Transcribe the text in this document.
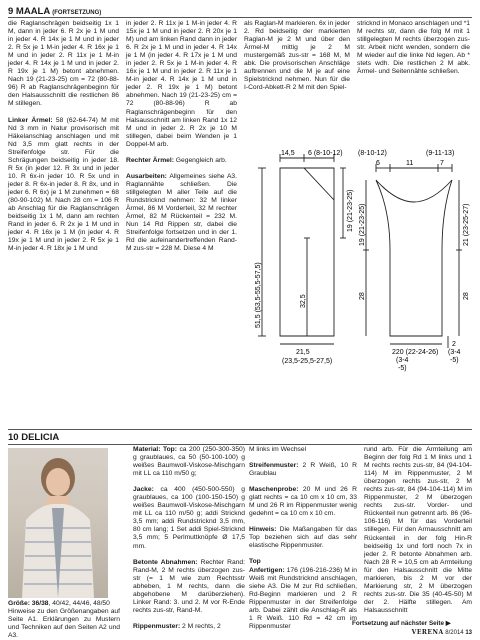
9 MAALA (FORTSETZUNG)

die Raglanschrägen beidseitig 1x 1 M, dann in jeder 6. R 2x je 1 M und in jeder 4. R 14x je 1 M und in jeder 2. R 5x je 1 M-in jeder 4. R 16x je 1 M und in jeder 2. R 11x je 1 M-in jeder 4. R 14x je 1 M und in jeder 2. R 19x je 1 M) betont abnehmen. Nach 19 (21-23-25) cm = 72 (80-88-96) R ab Raglanschrägenbeginn für den Halsausschnitt die restlichen 86 M stillegen.

Linker Ärmel: 58 (62-64-74) M mit Nd 3 mm in Natur provisorisch mit Häkelanschlag anschlagen und mit Nd 3,5 mm glatt rechts in der Streifenfolge str. Für die Schrägungen beidseitig in jeder 18. R 5x (in jeder 12. R 3x und in jeder 10. R 6x-in jeder 10. R 5x und in jeder 8. R 6x-in jeder 8. R 8x, und in jeder 6. R 6x) je 1 M zunehmen = 68 (80-90-102) M. Nach 28 cm = 106 R ab Anschlag für die Raglanschrägen beidseitig 1x 1 M, dann am rechten Rand in jeder 6. R 2x je 1 M und in jeder 4. R 16x je 1 M (in jeder 4. R 19x je 1 M und in jeder 2. R 5x je 1 M-in jeder 4. R 18x je 1 M und

in jeder 2. R 11x je 1 M-in jeder 4. R 15x je 1 M und in jeder 2. R 20x je 1 M) und am linken Rand dann in jeder 6. R 2x je 1 M und in jeder 4. R 14x je 1 M (in jeder 4. R 17x je 1 M und in jeder 2. R 5x je 1 M-in jeder 4. R 16x je 1 M und in jeder 2. R 11x je 1 M-in jeder 4. R 14x je 1 M und in jeder 2. R 19x je 1 M) betont abnehmen. Nach 19 (21-23-25) cm = 72 (80-88-96) R ab Raglanschrägenbeginn für den Halsausschnitt am linken Rand 1x 12 M und in jeder 2. R 2x je 10 M stillegen, dabei beim Wenden je 1 Doppel-M arb.

Rechter Ärmel: Gegengleich arb.

Ausarbeiten: Allgemeines siehe A3. Raglannähte schließen. Die stillgelegten M aller Teile auf die Rundstricknd nehmen: 32 M linker Ärmel, 86 M Vorderteil, 32 M rechter Ärmel, 82 M Rückenteil = 232 M. Nun 14 Rd Rippen str, dabei die Streifenfolge fortsetzen und in der 1. Rd die aufeinandertreffenden Rand-M zus-str = 228 M. Diese 4 M

als Raglan-M markieren. 6x in jeder 2. Rd beidseitig der markierten Raglan-M je 2 M und über den Ärmel-M mittig je 2 M mustergemäß zus-str = 168 M, M abk. Die provisorischen Anschläge auftrennen und die M je auf eine Spielstricknd nehmen. Nun für die I-Cord-Abkett-R 2 M mit den Spiel-

stricknd in Monaco anschlagen und *1 M rechts str, dann die folg M mit 1 stillgelegten M rechts überzogen zus-str. Arbeit nicht wenden, sondern die M wieder auf die linke Nd legen. Ab * stets wdh. Die restlichen 2 M abk. Ärmel- und Seitennähte schließen.

14,5 6 (8-10-12)
51,5 (53,5-55,5-57,5)
19 (21-23-25)
32,5
21,5
(23,5-25,5-27,5)
(8-10-12)
6	11
(9-11-13)
7
19 (21-23-25)	21 (23-25-27)
28	28
220 (22-24-26)
(3-4
-5)
2
(3-4
-5)
10 DELICIA

Größe: 36/38, 40/42, 44/46, 48/50

Hinweise zu den Größenangaben auf Seite A1. Erklärungen zu Mustern und Techniken auf den Seiten A2 und A3.

Material: Top: ca 200 (250-300-350) g graublaues, ca 50 (50-100-100) g weißes Baumwoll-Viskose-Mischgarn mit LL ca 110 m/50 g;

Jacke: ca 400 (450-500-550) g graublaues, ca 100 (100-150-150) g weißes Baumwoll-Viskose-Mischgarn mit LL ca 110 m/50 g; addi Stricknd 3,5 mm; addi Rundstricknd 3,5 mm, 80 cm lang; 1 Set addi Spiel-Stricknd 3,5 mm; 5 Perlmuttknöpfe Ø 17,5 mm.

Betonte Abnahmen: Rechter Rand: Rand-M, 2 M rechts überzogen zus-str (= 1 M wie zum Rechtsstr abheben, 1 M rechts, dann die abgehobene M darüberziehen). Linker Rand: 3. und 2. M vor R-Ende rechts zus-str, Rand-M.

Rippenmuster: 2 M rechts, 2

M links im Wechsel

Streifenmuster: 2 R Weiß, 10 R Graublau

Maschenprobe: 20 M und 26 R glatt rechts = ca 10 cm x 10 cm, 33 M und 26 R im Rippenmuster wenig gedehnt = ca 10 cm x 10 cm.

Hinweis: Die Maßangaben für das Top beziehen sich auf das sehr elastische Rippenmuster.

Top

Anfertigen: 176 (196-216-236) M in Weiß mit Rundstricknd anschlagen, siehe A3. Die M zur Rd schließen, Rd-Beginn markieren und 2 R Rippenmuster in der Streifenfolge arb. Dabei zählt die Anschlag-R als 1 R Weiß. 110 Rd = 42 cm im Rippenmuster

rund arb. Für die Armteilung am Beginn der folg Rd 1 M links und 1 M rechts rechts zus-str, 84 (94-104-114) M im Rippenmuster, 2 M überzogen rechts zus-str, 2 M rechts zus-str, 84 (94-104-114) M im Rippenmuster, 2 M überzogen rechts zus-str. Vorder- und Rückenteil nun getrennt arb. 86 (96-106-116) M für das Vorderteil stillegen. Für den Armausschnitt am Rückenteil in der folg Hin-R beidseitig 1x und fortl noch 7x in jeder 2. R betonte Abnahmen arb. Nach 28 R = 10,5 cm ab Armteilung für den Halsausschnitt die Mitte markieren, bis 2 M vor der Markierung str, 2 M überzogen rechts zus-str. Die 35 (40-45-50) M der 2. Hälfte stillegen. Am Halsausschnitt

Fortsetzung auf nächster Seite ▶
VERENA 8/2014 13
